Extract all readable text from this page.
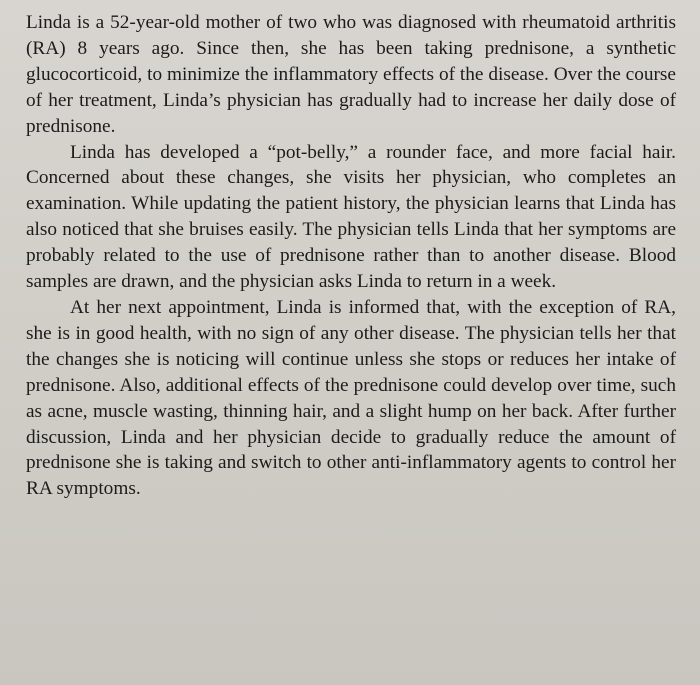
Linda is a 52-year-old mother of two who was diagnosed with rheumatoid arthritis (RA) 8 years ago. Since then, she has been taking prednisone, a synthetic glucocorticoid, to minimize the inflammatory effects of the disease. Over the course of her treatment, Linda’s physician has gradually had to increase her daily dose of prednisone.

Linda has developed a “pot-belly,” a rounder face, and more facial hair. Concerned about these changes, she visits her physician, who completes an examination. While updating the patient history, the physician learns that Linda has also noticed that she bruises easily. The physician tells Linda that her symptoms are probably related to the use of prednisone rather than to another disease. Blood samples are drawn, and the physician asks Linda to return in a week.

At her next appointment, Linda is informed that, with the exception of RA, she is in good health, with no sign of any other disease. The physician tells her that the changes she is noticing will continue unless she stops or reduces her intake of prednisone. Also, additional effects of the prednisone could develop over time, such as acne, muscle wasting, thinning hair, and a slight hump on her back. After further discussion, Linda and her physician decide to gradually reduce the amount of prednisone she is taking and switch to other anti-inflammatory agents to control her RA symptoms.
